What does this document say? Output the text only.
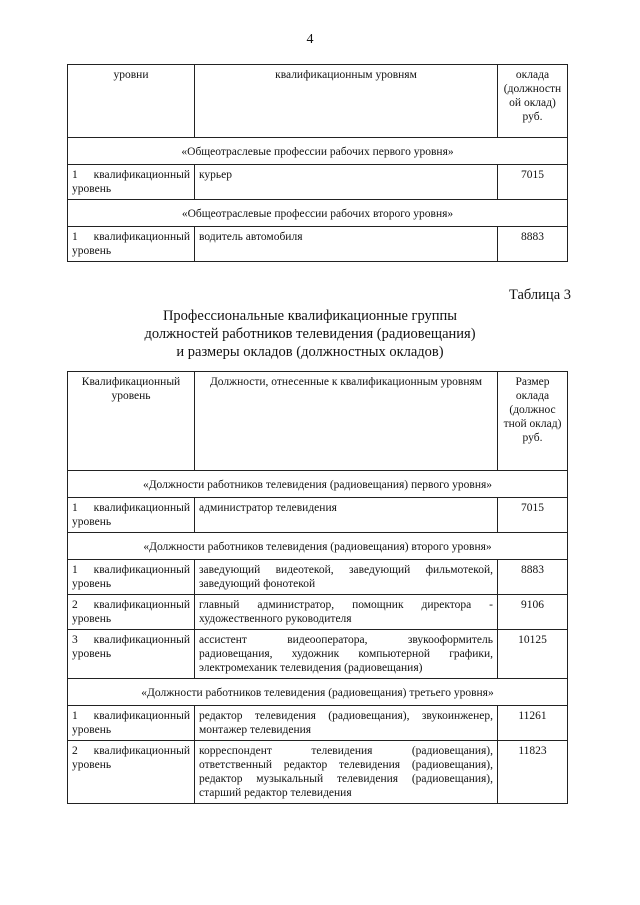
4
уровни	квалификационным уровням	оклада (должностн ой оклад) руб.
«Общеотраслевые профессии рабочих первого уровня»		
1 квалификационный уровень	курьер	7015
«Общеотраслевые профессии рабочих второго уровня»		
1 квалификационный уровень	водитель автомобиля	8883
Таблица 3
Профессиональные квалификационные группы
должностей работников телевидения (радиовещания)
и размеры окладов (должностных окладов)
Квалификационный уровень	Должности, отнесенные к квалификационным уровням	Размер оклада (должнос тной оклад) руб.
«Должности работников телевидения (радиовещания) первого уровня»		
1 квалификационный уровень	администратор телевидения	7015
«Должности работников телевидения (радиовещания) второго уровня»		
1 квалификационный уровень	заведующий видеотекой, заведующий фильмотекой, заведующий фонотекой	8883
2 квалификационный уровень	главный администратор, помощник директора - художественного руководителя	9106
3 квалификационный уровень	ассистент видеооператора, звукооформитель радиовещания, художник компьютерной графики, электромеханик телевидения (радиовещания)	10125
«Должности работников телевидения (радиовещания) третьего уровня»		
1 квалификационный уровень	редактор телевидения (радиовещания), звукоинженер, монтажер телевидения	11261
2 квалификационный уровень	корреспондент телевидения (радиовещания), ответственный редактор телевидения (радиовещания), редактор музыкальный телевидения (радиовещания), старший редактор телевидения	11823
